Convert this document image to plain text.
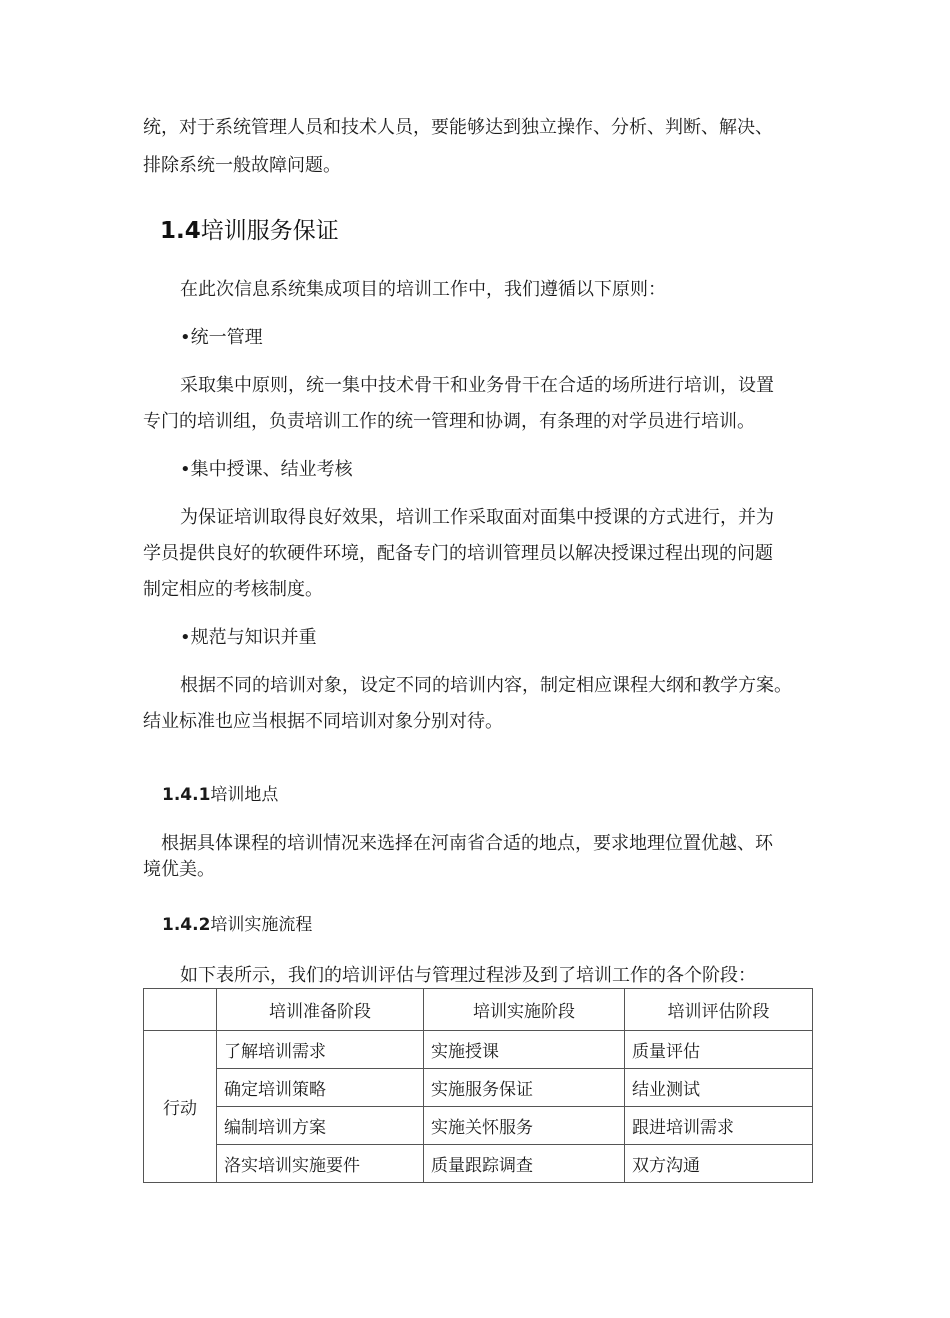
统，对于系统管理人员和技术人员，要能够达到独立操作、分析、判断、解决、
排除系统一般故障问题。
1.4培训服务保证
在此次信息系统集成项目的培训工作中，我们遵循以下原则：
•统一管理
采取集中原则，统一集中技术骨干和业务骨干在合适的场所进行培训，设置
专门的培训组，负责培训工作的统一管理和协调，有条理的对学员进行培训。
•集中授课、结业考核
为保证培训取得良好效果，培训工作采取面对面集中授课的方式进行，并为
学员提供良好的软硬件环境，配备专门的培训管理员以解决授课过程出现的问题
制定相应的考核制度。
•规范与知识并重
根据不同的培训对象，设定不同的培训内容，制定相应课程大纲和教学方案。
结业标准也应当根据不同培训对象分别对待。
1.4.1培训地点
根据具体课程的培训情况来选择在河南省合适的地点，要求地理位置优越、环
境优美。
1.4.2培训实施流程
如下表所示，我们的培训评估与管理过程涉及到了培训工作的各个阶段：
	培训准备阶段	培训实施阶段	培训评估阶段
行动	了解培训需求	实施授课	质量评估
	确定培训策略	实施服务保证	结业测试
	编制培训方案	实施关怀服务	跟进培训需求
	洛实培训实施要件	质量跟踪调查	双方沟通
